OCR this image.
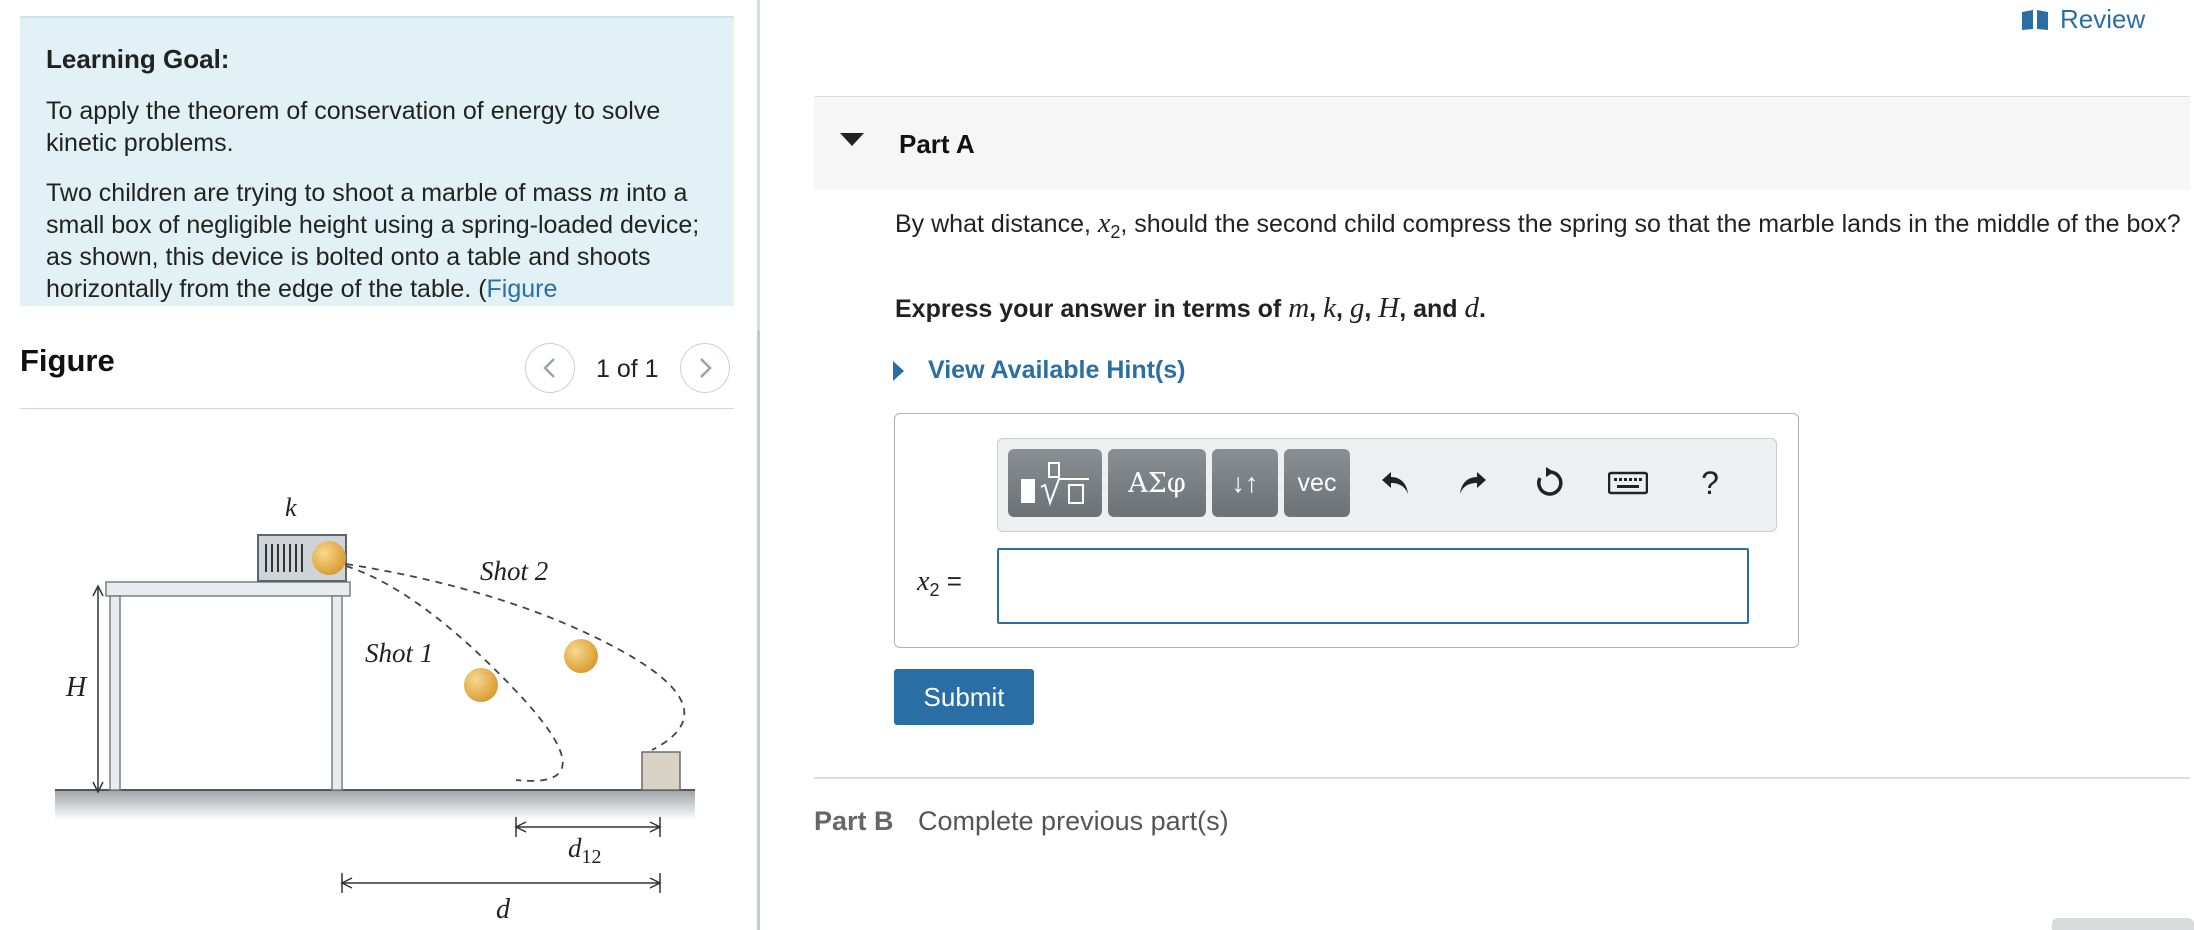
Learning Goal:

To apply the theorem of conservation of energy to solve kinetic problems.

Two children are trying to shoot a marble of mass m into a small box of negligible height using a spring-loaded device; as shown, this device is bolted onto a table and shoots horizontally from the edge of the table. (Figure

Figure	1 of 1
k
H
Shot 1
Shot 2
$d_{12}$
d
Review
Part A
By what distance, $x_2$, should the second child compress the spring so that the marble lands in the middle of the box?
Express your answer in terms of m, k, g, H, and d.
View Available Hint(s)
ΑΣφ	↓↑	vec	?
$x_2$ =
Submit
Part B Complete previous part(s)
